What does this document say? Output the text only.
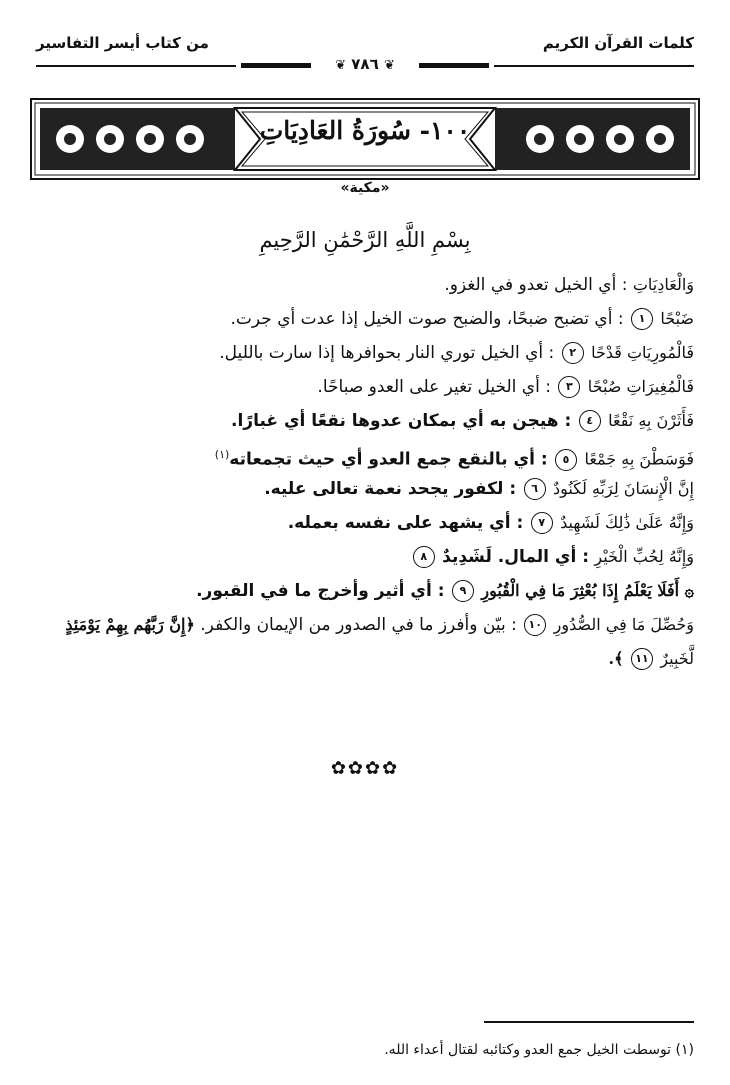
كلمات القرآن الكريم
من كتاب أيسر التفاسير
❦ ٧٨٦ ❦
١٠٠- سُورَةُ العَادِيَاتِ
«مكية»
بِسْمِ اللَّهِ الرَّحْمَٰنِ الرَّحِيمِ
وَالْعَادِيَاتِ : أي الخيل تعدو في الغزو.
ضَبْحًا ١ : أي تضبح ضبحًا، والضبح صوت الخيل إذا عدت أي جرت.
فَالْمُورِيَاتِ قَدْحًا ٢ : أي الخيل توري النار بحوافرها إذا سارت بالليل.
فَالْمُغِيرَاتِ صُبْحًا ٣ : أي الخيل تغير على العدو صباحًا.
فَأَثَرْنَ بِهِ نَقْعًا ٤ : هيجن به أي بمكان عدوها نقعًا أي غبارًا.
فَوَسَطْنَ بِهِ جَمْعًا ٥ : أي بالنقع جمع العدو أي حيث تجمعاته$^{(١)}$
إِنَّ الْإِنسَانَ لِرَبِّهِ لَكَنُودٌ ٦ : لكفور يجحد نعمة تعالى عليه.
وَإِنَّهُ عَلَىٰ ذَٰلِكَ لَشَهِيدٌ ٧ : أي يشهد على نفسه بعمله.
وَإِنَّهُ لِحُبِّ الْخَيْرِ : أي المال. لَشَدِيدٌ ٨
۞ أَفَلَا يَعْلَمُ إِذَا بُعْثِرَ مَا فِي الْقُبُورِ ٩ : أي أثير وأخرج ما في القبور.
وَحُصِّلَ مَا فِي الصُّدُورِ ١٠ : بيّن وأفرز ما في الصدور من الإيمان والكفر. ﴿إِنَّ رَبَّهُم بِهِمْ يَوْمَئِذٍ
لَّخَبِيرٌ ١١ ﴾.
✿✿✿✿
(١) توسطت الخيل جمع العدو وكتائبه لقتال أعداء الله.
